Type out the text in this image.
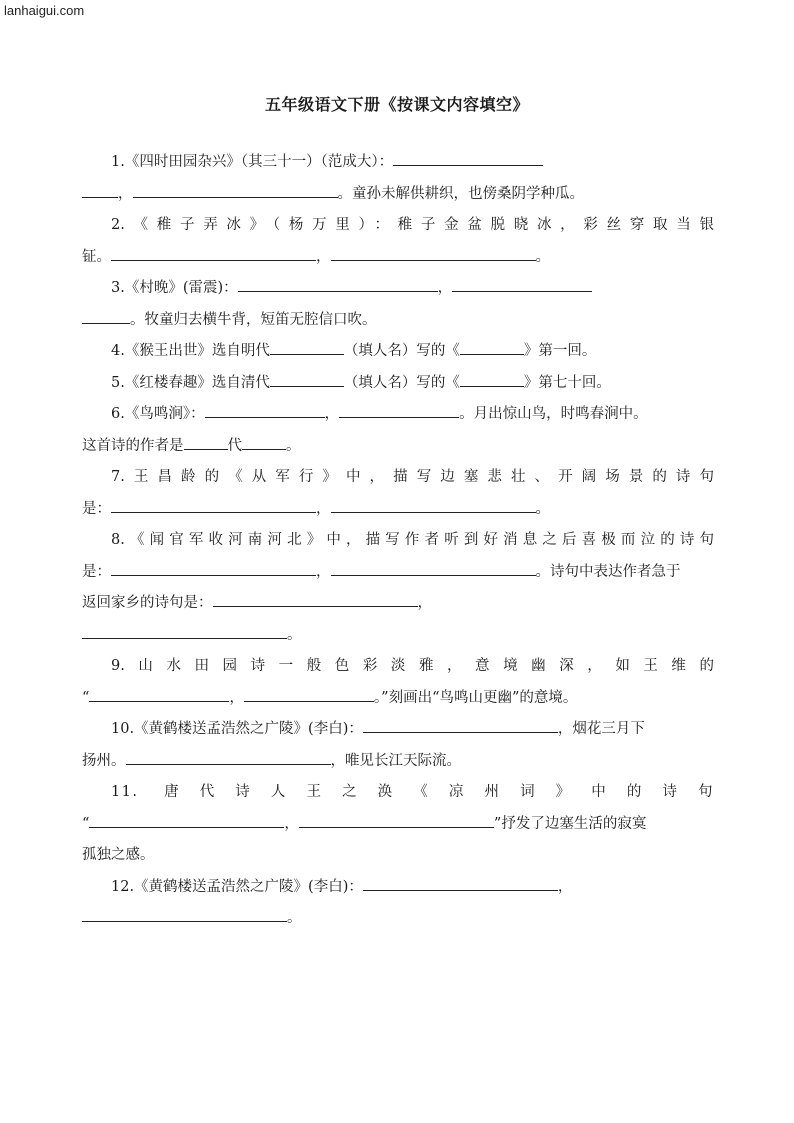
lanhaigui.com
五年级语文下册《按课文内容填空》

1.《四时田园杂兴》（其三十一）（范成大）：

，	。童孙未解供耕织，也傍桑阴学种瓜。

2.《稚子弄冰》（杨万里）：稚子金盆脱晓冰，彩丝穿取当银

钲。	，	。

3.《村晚》(雷震)：	，

。牧童归去横牛背，短笛无腔信口吹。

4.《猴王出世》选自明代	（填人名）写的《	》第一回。

5.《红楼春趣》选自清代	（填人名）写的《	》第七十回。

6.《鸟鸣涧》：	，	。月出惊山鸟，时鸣春涧中。

这首诗的作者是	代	。

7.王昌龄的《从军行》中，描写边塞悲壮、开阔场景的诗句

是：	，	。

8.《闻官军收河南河北》中，描写作者听到好消息之后喜极而泣的诗句

是：	，	。诗句中表达作者急于

返回家乡的诗句是：	，

。

9.山水田园诗一般色彩淡雅，意境幽深，如王维的

“	，	。”刻画出“鸟鸣山更幽”的意境。

10.《黄鹤楼送孟浩然之广陵》(李白)：	，烟花三月下

扬州。	，唯见长江天际流。

11. 唐代诗人王之涣《凉州词》中的诗句

“	，	”抒发了边塞生活的寂寞

孤独之感。

12.《黄鹤楼送孟浩然之广陵》(李白)：	，

。
